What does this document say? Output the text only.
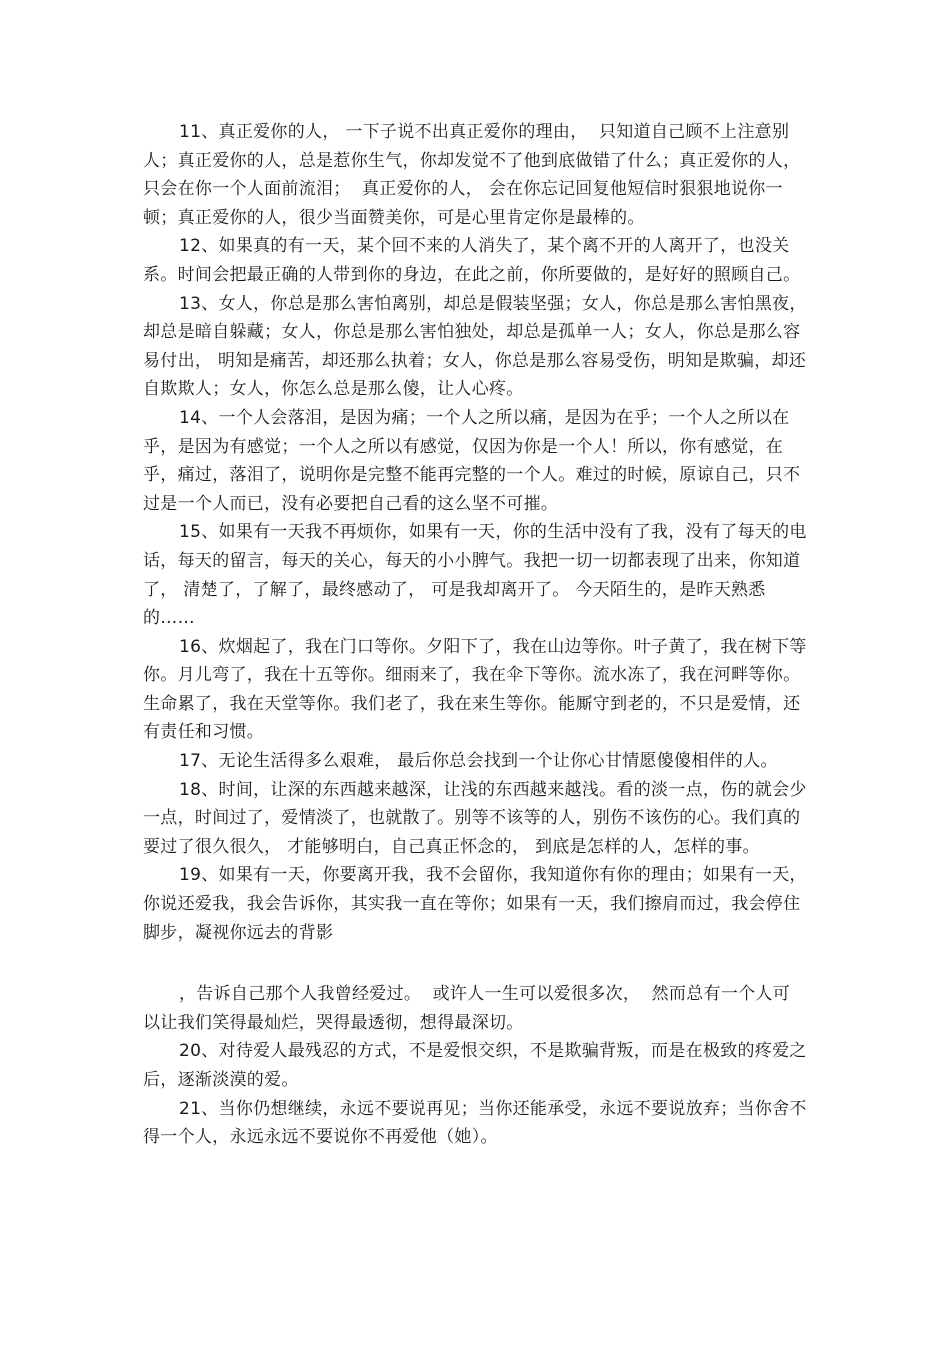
11、真正爱你的人， 一下子说不出真正爱你的理由，  只知道自己顾不上注意别人；真正爱你的人，总是惹你生气，你却发觉不了他到底做错了什么；真正爱你的人，只会在你一个人面前流泪；  真正爱你的人， 会在你忘记回复他短信时狠狠地说你一顿；真正爱你的人，很少当面赞美你，可是心里肯定你是最棒的。

12、如果真的有一天，某个回不来的人消失了，某个离不开的人离开了，也没关系。时间会把最正确的人带到你的身边，在此之前，你所要做的，是好好的照顾自己。

13、女人，你总是那么害怕离别，却总是假装坚强；女人，你总是那么害怕黑夜，却总是暗自躲藏；女人，你总是那么害怕独处，却总是孤单一人；女人，你总是那么容易付出， 明知是痛苦，却还那么执着；女人，你总是那么容易受伤，明知是欺骗，却还自欺欺人；女人，你怎么总是那么傻，让人心疼。

14、一个人会落泪，是因为痛；一个人之所以痛，是因为在乎；一个人之所以在乎，是因为有感觉；一个人之所以有感觉，仅因为你是一个人！所以，你有感觉，在乎，痛过，落泪了，说明你是完整不能再完整的一个人。难过的时候，原谅自己，只不过是一个人而已，没有必要把自己看的这么坚不可摧。

15、如果有一天我不再烦你，如果有一天，你的生活中没有了我，没有了每天的电话，每天的留言，每天的关心，每天的小小脾气。我把一切一切都表现了出来，你知道了， 清楚了，了解了，最终感动了， 可是我却离开了。 今天陌生的，是昨天熟悉的……

16、炊烟起了，我在门口等你。夕阳下了，我在山边等你。叶子黄了，我在树下等你。月儿弯了，我在十五等你。细雨来了，我在伞下等你。流水冻了，我在河畔等你。生命累了，我在天堂等你。我们老了，我在来生等你。能厮守到老的，不只是爱情，还有责任和习惯。

17、无论生活得多么艰难， 最后你总会找到一个让你心甘情愿傻傻相伴的人。

18、时间，让深的东西越来越深，让浅的东西越来越浅。看的淡一点，伤的就会少一点，时间过了，爱情淡了，也就散了。别等不该等的人，别伤不该伤的心。我们真的要过了很久很久， 才能够明白，自己真正怀念的， 到底是怎样的人，怎样的事。

19、如果有一天，你要离开我，我不会留你，我知道你有你的理由；如果有一天，你说还爱我，我会告诉你，其实我一直在等你；如果有一天，我们擦肩而过，我会停住脚步，凝视你远去的背影

，告诉自己那个人我曾经爱过。  或许人一生可以爱很多次，  然而总有一个人可以让我们笑得最灿烂，哭得最透彻，想得最深切。

20、对待爱人最残忍的方式，不是爱恨交织，不是欺骗背叛，而是在极致的疼爱之后，逐渐淡漠的爱。

21、当你仍想继续，永远不要说再见；当你还能承受，永远不要说放弃；当你舍不得一个人，永远永远不要说你不再爱他（她）。
